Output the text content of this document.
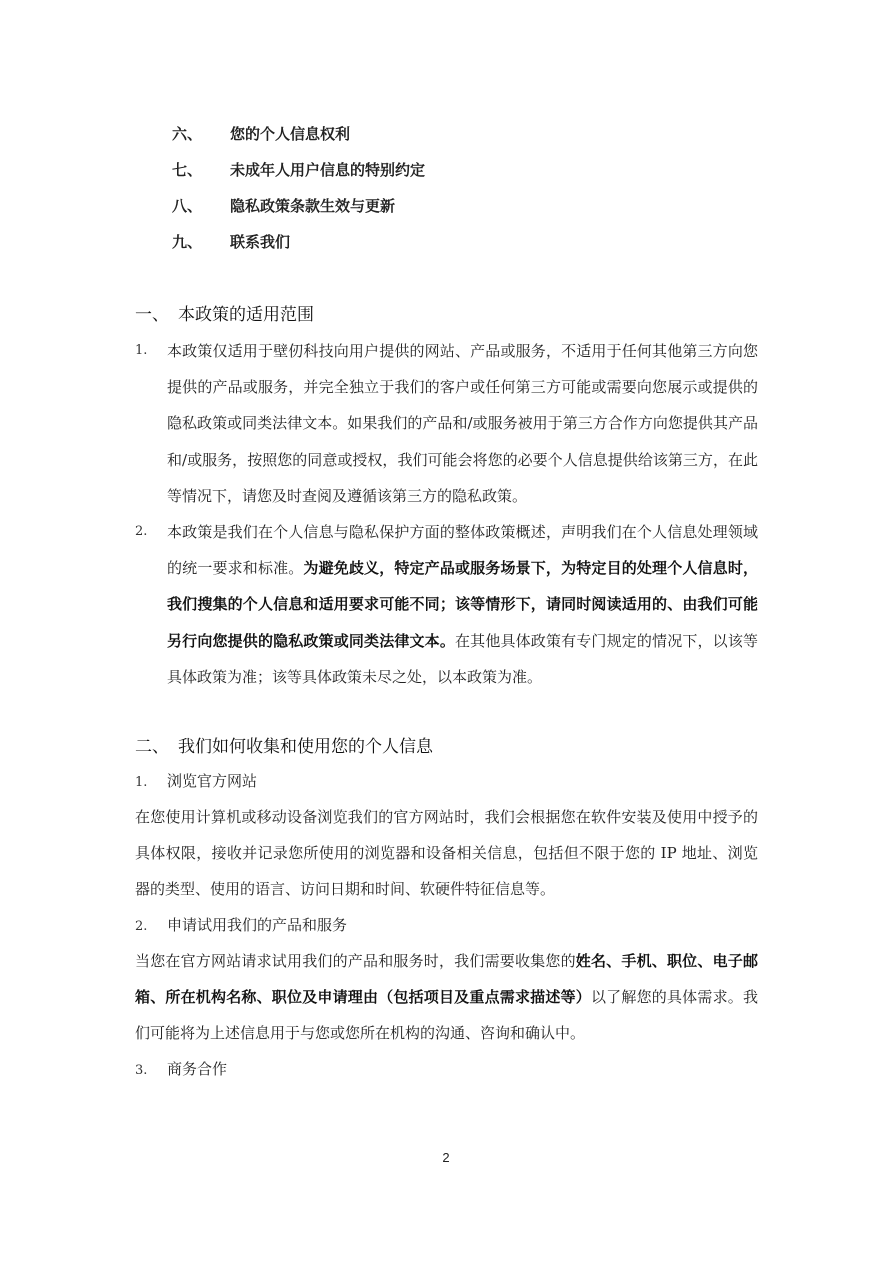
六、 您的个人信息权利
七、 未成年人用户信息的特别约定
八、 隐私政策条款生效与更新
九、 联系我们
一、 本政策的适用范围
1. 本政策仅适用于壁仞科技向用户提供的网站、产品或服务，不适用于任何其他第三方向您提供的产品或服务，并完全独立于我们的客户或任何第三方可能或需要向您展示或提供的隐私政策或同类法律文本。如果我们的产品和/或服务被用于第三方合作方向您提供其产品和/或服务，按照您的同意或授权，我们可能会将您的必要个人信息提供给该第三方，在此等情况下，请您及时查阅及遵循该第三方的隐私政策。
2. 本政策是我们在个人信息与隐私保护方面的整体政策概述，声明我们在个人信息处理领域的统一要求和标准。为避免歧义，特定产品或服务场景下，为特定目的处理个人信息时，我们搜集的个人信息和适用要求可能不同；该等情形下，请同时阅读适用的、由我们可能另行向您提供的隐私政策或同类法律文本。在其他具体政策有专门规定的情况下，以该等具体政策为准；该等具体政策未尽之处，以本政策为准。
二、 我们如何收集和使用您的个人信息
1. 浏览官方网站
在您使用计算机或移动设备浏览我们的官方网站时，我们会根据您在软件安装及使用中授予的具体权限，接收并记录您所使用的浏览器和设备相关信息，包括但不限于您的 IP 地址、浏览器的类型、使用的语言、访问日期和时间、软硬件特征信息等。
2. 申请试用我们的产品和服务
当您在官方网站请求试用我们的产品和服务时，我们需要收集您的姓名、手机、职位、电子邮箱、所在机构名称、职位及申请理由（包括项目及重点需求描述等）以了解您的具体需求。我们可能将为上述信息用于与您或您所在机构的沟通、咨询和确认中。
3. 商务合作
2
